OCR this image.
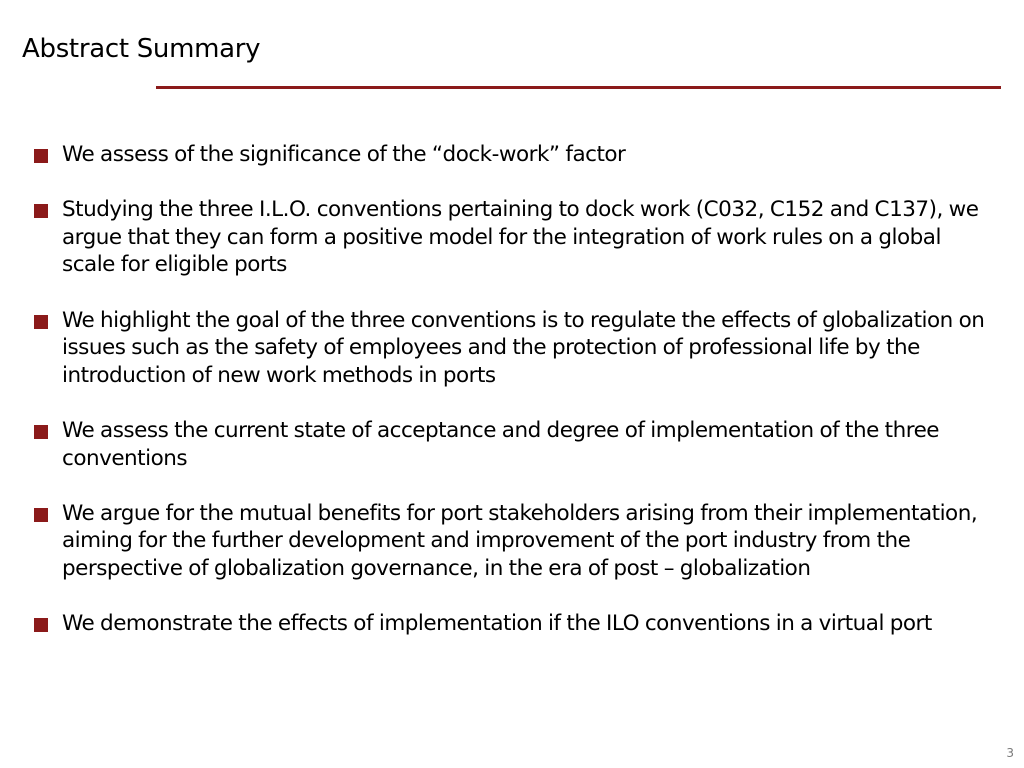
Abstract Summary
We assess of the significance of the “dock-work” factor
Studying the three I.L.O. conventions pertaining to dock work (C032, C152 and C137), we argue that they can form a positive model for the integration of work rules on a global scale for eligible ports
We highlight the goal of the three conventions is to regulate the effects of globalization on issues such as the safety of employees and the protection of professional life by the introduction of new work methods in ports
We assess the current state of acceptance and degree of implementation of the three conventions
We argue for the mutual benefits for port stakeholders arising from their implementation, aiming for the further development and improvement of the port industry from the perspective of globalization governance, in the era of post – globalization
We demonstrate the effects of implementation if the ILO conventions in a virtual port
3
